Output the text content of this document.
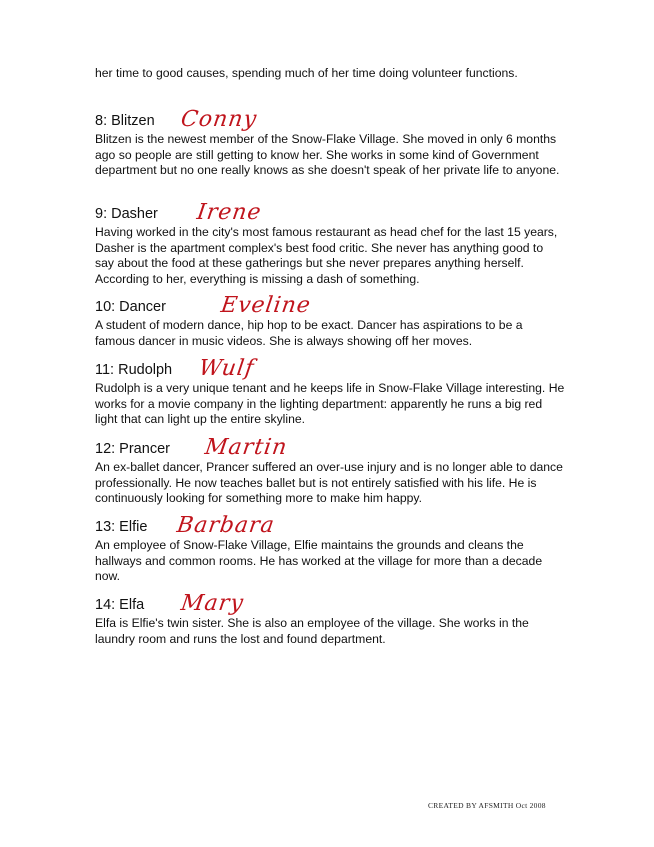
her time to good causes, spending much of her time doing volunteer functions.

8: Blitzen Conny

Blitzen is the newest member of the Snow-Flake Village. She moved in only 6 months ago so people are still getting to know her. She works in some kind of Government department but no one really knows as she doesn't speak of her private life to anyone.

9: Dasher Irene

Having worked in the city's most famous restaurant as head chef for the last 15 years, Dasher is the apartment complex's best food critic. She never has anything good to say about the food at these gatherings but she never prepares anything herself. According to her, everything is missing a dash of something.

10: Dancer Eveline

A student of modern dance, hip hop to be exact. Dancer has aspirations to be a famous dancer in music videos. She is always showing off her moves.

11: Rudolph Wulf

Rudolph is a very unique tenant and he keeps life in Snow-Flake Village interesting. He works for a movie company in the lighting department: apparently he runs a big red light that can light up the entire skyline.

12: Prancer Martin

An ex-ballet dancer, Prancer suffered an over-use injury and is no longer able to dance professionally. He now teaches ballet but is not entirely satisfied with his life. He is continuously looking for something more to make him happy.

13: Elfie Barbara

An employee of Snow-Flake Village, Elfie maintains the grounds and cleans the hallways and common rooms. He has worked at the village for more than a decade now.

14: Elfa Mary

Elfa is Elfie's twin sister. She is also an employee of the village. She works in the laundry room and runs the lost and found department.

CREATED BY AFSMITH Oct 2008
